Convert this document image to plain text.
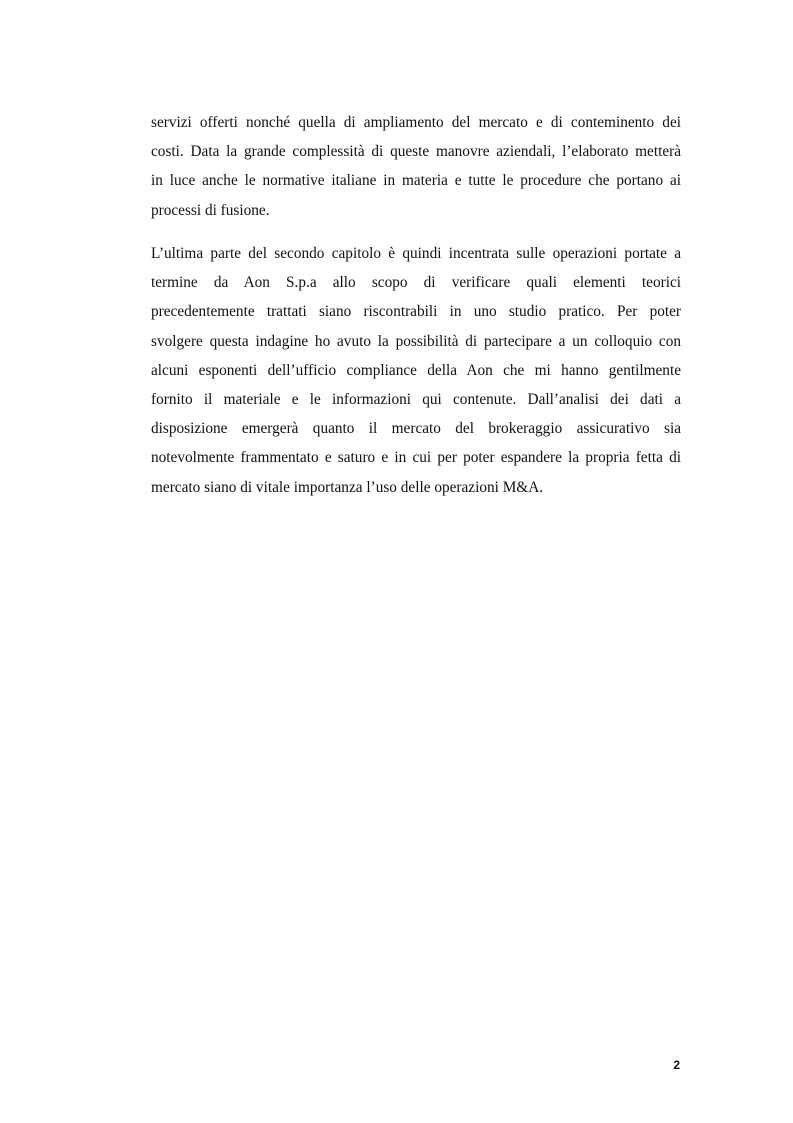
servizi offerti nonché quella di ampliamento del mercato e di conteminento dei
costi. Data la grande complessità di queste manovre aziendali, l’elaborato metterà
in luce anche le normative italiane in materia e tutte le procedure che portano ai
processi di fusione.
L’ultima parte del secondo capitolo è quindi incentrata sulle operazioni portate a
termine da Aon S.p.a allo scopo di verificare quali elementi teorici
precedentemente trattati siano riscontrabili in uno studio pratico. Per poter
svolgere questa indagine ho avuto la possibilità di partecipare a un colloquio con
alcuni esponenti dell’ufficio compliance della Aon che mi hanno gentilmente
fornito il materiale e le informazioni qui contenute. Dall’analisi dei dati a
disposizione emergerà quanto il mercato del brokeraggio assicurativo sia
notevolmente frammentato e saturo e in cui per poter espandere la propria fetta di
mercato siano di vitale importanza l’uso delle operazioni M&A.
2
